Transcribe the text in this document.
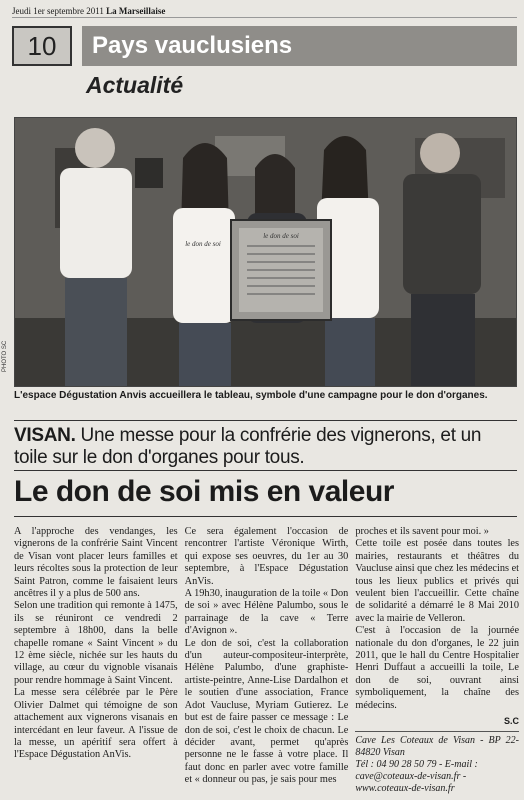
Jeudi 1er septembre 2011 La Marseillaise
10	Pays vauclusiens
Actualité
le don de soi
le don de soi
PHOTO SC
L'espace Dégustation Anvis accueillera le tableau, symbole d'une campagne pour le don d'organes.
VISAN. Une messe pour la confrérie des vignerons, et un toile sur le don d'organes pour tous.
Le don de soi mis en valeur

A l'approche des vendanges, les vignerons de la confrérie Saint Vincent de Visan vont placer leurs familles et leurs récoltes sous la protection de leur Saint Patron, comme le faisaient leurs ancêtres il y a plus de 500 ans.

Selon une tradition qui remonte à 1475, ils se réuniront ce vendredi 2 septembre à 18h00, dans la belle chapelle romane « Saint Vincent » du 12 ème siècle, nichée sur les hauts du village, au cœur du vignoble visanais pour rendre hommage à Saint Vincent.

La messe sera célébrée par le Père Olivier Dalmet qui témoigne de son attachement aux vignerons visanais en intercédant en leur faveur. A l'issue de la messe, un apéritif sera offert à l'Espace Dégustation AnVis.

Ce sera également l'occasion de rencontrer l'artiste Véronique Wirth, qui expose ses oeuvres, du 1er au 30 septembre, à l'Espace Dégustation AnVis.

A 19h30, inauguration de la toile « Don de soi » avec Hélène Palumbo, sous le parrainage de la cave « Terre d'Avignon ».

Le don de soi, c'est la collaboration d'un auteur-compositeur-interprète, Hélène Palumbo, d'une graphiste-artiste-peintre, Anne-Lise Dardalhon et le soutien d'une association, France Adot Vaucluse, Myriam Gutierez. Le but est de faire passer ce message : Le don de soi, c'est le choix de chacun. Le décider avant, permet qu'après personne ne le fasse à votre place. Il faut donc en parler avec votre famille et « donneur ou pas, je sais pour mes

proches et ils savent pour moi. »

Cette toile est posée dans toutes les mairies, restaurants et théâtres du Vaucluse ainsi que chez les médecins et tous les lieux publics et privés qui veulent bien l'accueillir. Cette chaîne de solidarité a démarré le 8 Mai 2010 avec la mairie de Velleron.

C'est à l'occasion de la journée nationale du don d'organes, le 22 juin 2011, que le hall du Centre Hospitalier Henri Duffaut a accueilli la toile, Le don de soi, ouvrant ainsi symboliquement, la chaîne des médecins.

S.C
Cave Les Coteaux de Visan - BP 22- 84820 Visan
Tél : 04 90 28 50 79 - E-mail :
cave@coteaux-de-visan.fr -
www.coteaux-de-visan.fr
